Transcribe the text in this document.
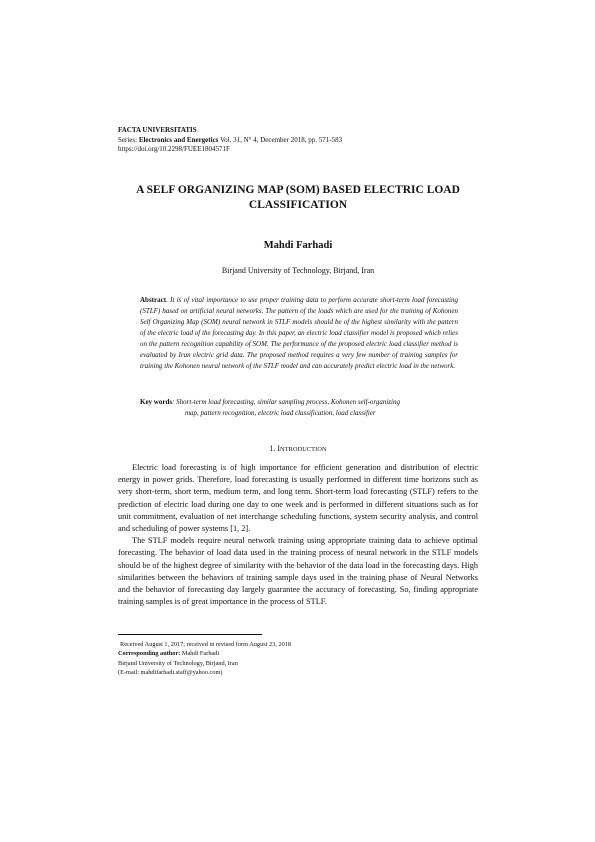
FACTA UNIVERSITATIS
Series: Electronics and Energetics Vol. 31, N° 4, December 2018, pp. 571-583
https://doi.org/10.2298/FUEE1804571F
A SELF ORGANIZING MAP (SOM) BASED ELECTRIC LOAD
CLASSIFICATION
Mahdi Farhadi
Birjand University of Technology, Birjand, Iran
Abstract. It is of vital importance to use proper training data to perform accurate short-term load forecasting (STLF) based on artificial neural networks. The pattern of the loads which are used for the training of Kohonen Self Organizing Map (SOM) neural network in STLF models should be of the highest similarity with the pattern of the electric load of the forecasting day. In this paper, an electric load classifier model is proposed which relies on the pattern recognition capability of SOM. The performance of the proposed electric load classifier method is evaluated by Iran electric grid data. The proposed method requires a very few number of training samples for training the Kohonen neural network of the STLF model and can accurately predict electric load in the network.
Key words: Short-term load forecasting, similar sampling process, Kohonen self-organizing
map, pattern recognition, electric load classification, load classifier
1. INTRODUCTION

Electric load forecasting is of high importance for efficient generation and distribution of electric energy in power grids. Therefore, load forecasting is usually performed in different time horizons such as very short-term, short term, medium term, and long term. Short-term load forecasting (STLF) refers to the prediction of electric load during one day to one week and is performed in different situations such as for unit commitment, evaluation of net interchange scheduling functions, system security analysis, and control and scheduling of power systems [1, 2].

The STLF models require neural network training using appropriate training data to achieve optimal forecasting. The behavior of load data used in the training process of neural network in the STLF models should be of the highest degree of similarity with the behavior of the data load in the forecasting days. High similarities between the behaviors of training sample days used in the training phase of Neural Networks and the behavior of forecasting day largely guarantee the accuracy of forecasting. So, finding appropriate training samples is of great importance in the process of STLF.

Received August 1, 2017; received in revised form August 23, 2018
Corresponding author: Mahdi Farhadi
Birjand University of Technology, Birjand, Iran
(E-mail: mahdifarhadi.staff@yahoo.com)
